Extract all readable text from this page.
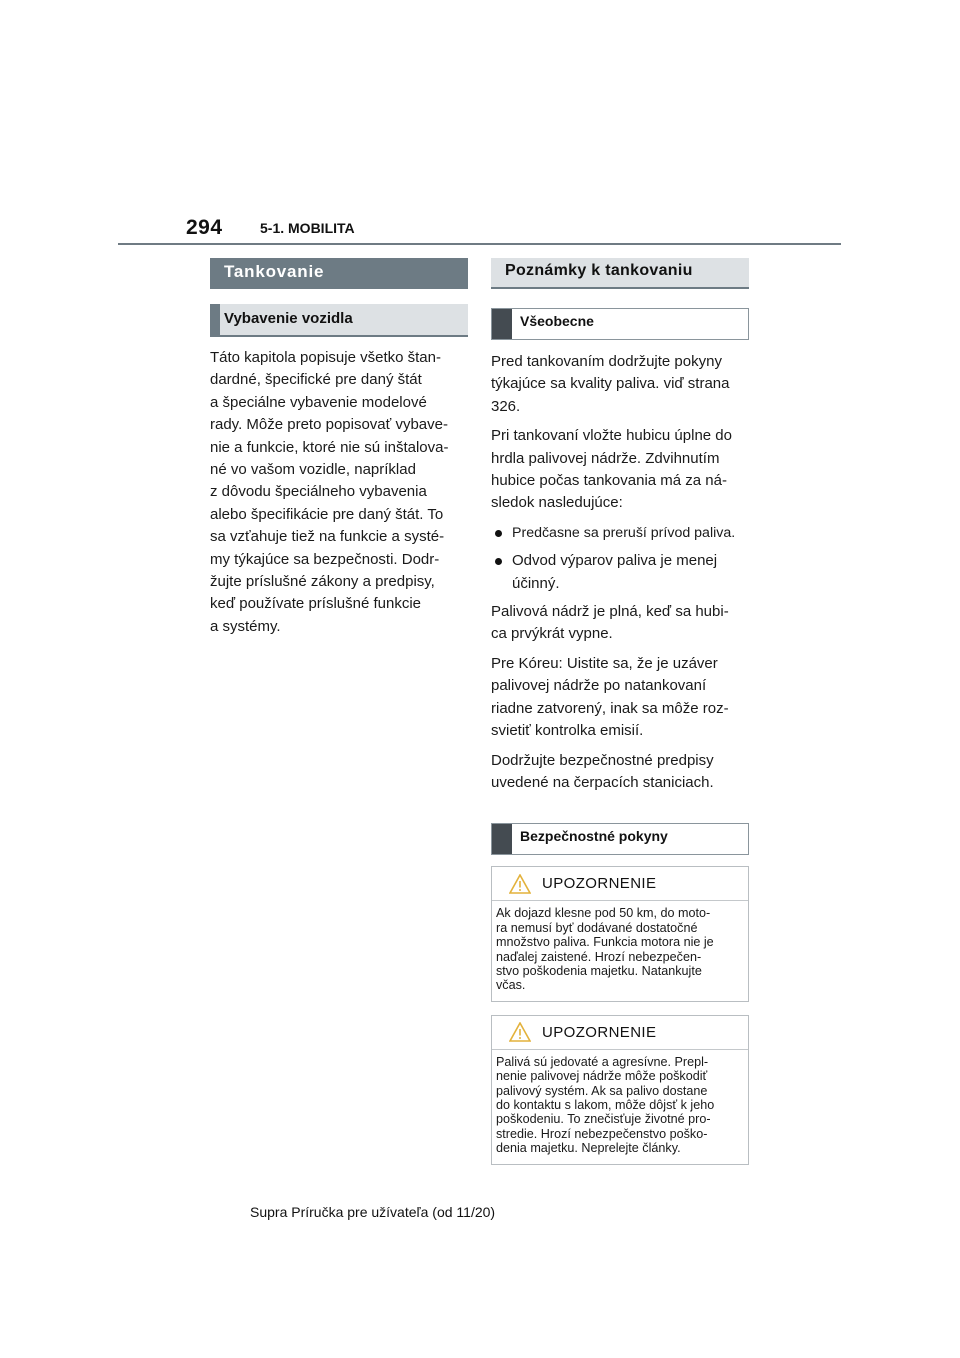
294	5-1. MOBILITA
Tankovanie
Vybavenie vozidla

Táto kapitola popisuje všetko štan-
dardné, špecifické pre daný štát
a špeciálne vybavenie modelové
rady. Môže preto popisovať vybave-
nie a funkcie, ktoré nie sú inštalova-
né vo vašom vozidle, napríklad
z dôvodu špeciálneho vybavenia
alebo špecifikácie pre daný štát. To
sa vzťahuje tiež na funkcie a systé-
my týkajúce sa bezpečnosti. Dodr-
žujte príslušné zákony a predpisy,
keď používate príslušné funkcie
a systémy.

Poznámky k tankovaniu
Všeobecne

Pred tankovaním dodržujte pokyny
týkajúce sa kvality paliva. viď strana
326.

Pri tankovaní vložte hubicu úplne do
hrdla palivovej nádrže. Zdvihnutím
hubice počas tankovania má za ná-
sledok nasledujúce:

Predčasne sa preruší prívod paliva.
Odvod výparov paliva je menej
účinný.

Palivová nádrž je plná, keď sa hubi-
ca prvýkrát vypne.

Pre Kóreu: Uistite sa, že je uzáver
palivovej nádrže po natankovaní
riadne zatvorený, inak sa môže roz-
svietiť kontrolka emisií.

Dodržujte bezpečnostné predpisy
uvedené na čerpacích staniciach.

Bezpečnostné pokyny
UPOZORNENIE
Ak dojazd klesne pod 50 km, do moto-
ra nemusí byť dodávané dostatočné
množstvo paliva. Funkcia motora nie je
naďalej zaistené. Hrozí nebezpečen-
stvo poškodenia majetku. Natankujte
včas.
UPOZORNENIE
Palivá sú jedovaté a agresívne. Prepl-
nenie palivovej nádrže môže poškodiť
palivový systém. Ak sa palivo dostane
do kontaktu s lakom, môže dôjsť k jeho
poškodeniu. To znečisťuje životné pro-
stredie. Hrozí nebezpečenstvo poško-
denia majetku. Neprelejte články.
Supra Príručka pre užívateľa (od 11/20)
